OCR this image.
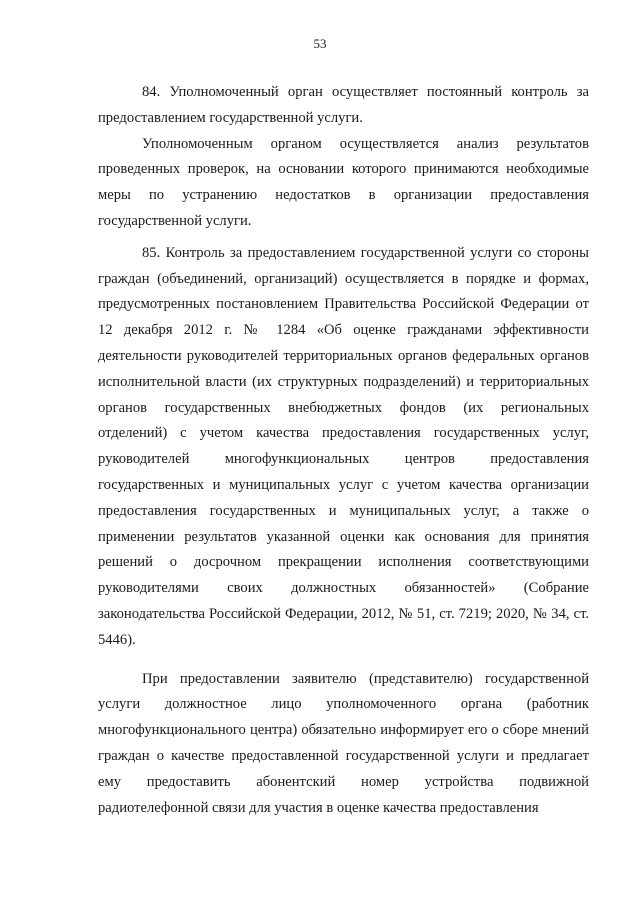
53

84. Уполномоченный орган осуществляет постоянный контроль за предоставлением государственной услуги.

Уполномоченным органом осуществляется анализ результатов проведенных проверок, на основании которого принимаются необходимые меры по устранению недостатков в организации предоставления государственной услуги.

85. Контроль за предоставлением государственной услуги со стороны граждан (объединений, организаций) осуществляется в порядке и формах, предусмотренных постановлением Правительства Российской Федерации от 12 декабря 2012 г. № 1284 «Об оценке гражданами эффективности деятельности руководителей территориальных органов федеральных органов исполнительной власти (их структурных подразделений) и территориальных органов государственных внебюджетных фондов (их региональных отделений) с учетом качества предоставления государственных услуг, руководителей многофункциональных центров предоставления государственных и муниципальных услуг с учетом качества организации предоставления государственных и муниципальных услуг, а также о применении результатов указанной оценки как основания для принятия решений о досрочном прекращении исполнения соответствующими руководителями своих должностных обязанностей» (Собрание законодательства Российской Федерации, 2012, № 51, ст. 7219; 2020, № 34, ст. 5446).

При предоставлении заявителю (представителю) государственной услуги должностное лицо уполномоченного органа (работник многофункционального центра) обязательно информирует его о сборе мнений граждан о качестве предоставленной государственной услуги и предлагает ему предоставить абонентский номер устройства подвижной радиотелефонной связи для участия в оценке качества предоставления
